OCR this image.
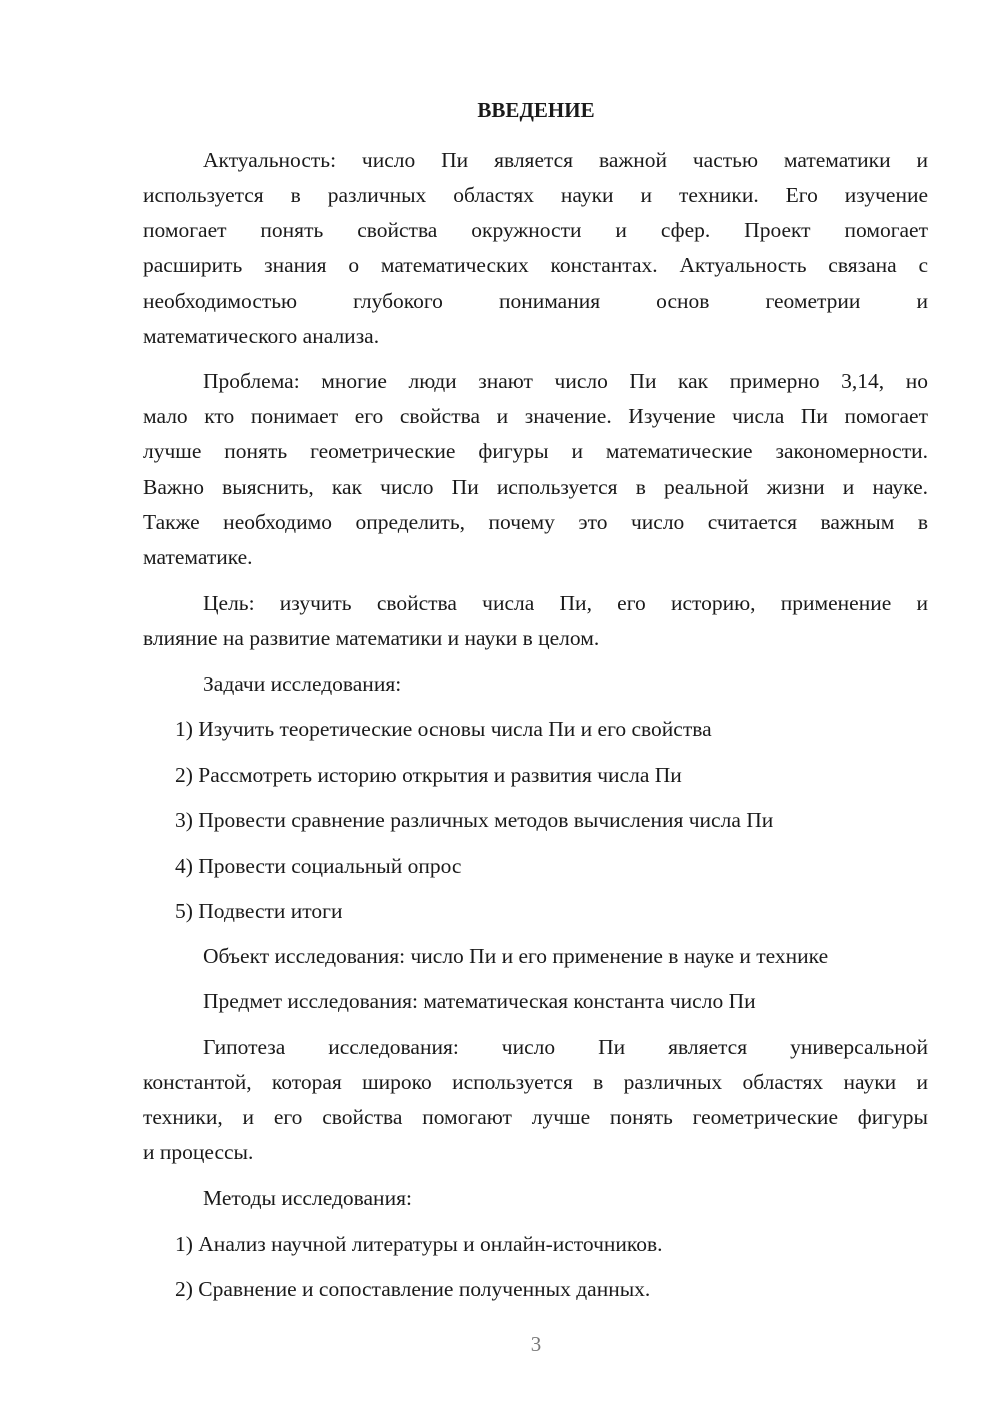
ВВЕДЕНИЕ
Актуальность: число Пи является важной частью математики и
используется в различных областях науки и техники. Его изучение
помогает понять свойства окружности и сфер. Проект помогает
расширить знания о математических константах. Актуальность связана с
необходимостью глубокого понимания основ геометрии и
математического анализа.
Проблема: многие люди знают число Пи как примерно 3,14, но
мало кто понимает его свойства и значение. Изучение числа Пи помогает
лучше понять геометрические фигуры и математические закономерности.
Важно выяснить, как число Пи используется в реальной жизни и науке.
Также необходимо определить, почему это число считается важным в
математике.
Цель: изучить свойства числа Пи, его историю, применение и
влияние на развитие математики и науки в целом.
Задачи исследования:
1) Изучить теоретические основы числа Пи и его свойства
2) Рассмотреть историю открытия и развития числа Пи
3) Провести сравнение различных методов вычисления числа Пи
4) Провести социальный опрос
5) Подвести итоги
Объект исследования: число Пи и его применение в науке и технике
Предмет исследования: математическая константа число Пи
Гипотеза исследования: число Пи является универсальной
константой, которая широко используется в различных областях науки и
техники, и его свойства помогают лучше понять геометрические фигуры
и процессы.
Методы исследования:
1) Анализ научной литературы и онлайн-источников.
2) Сравнение и сопоставление полученных данных.
3
